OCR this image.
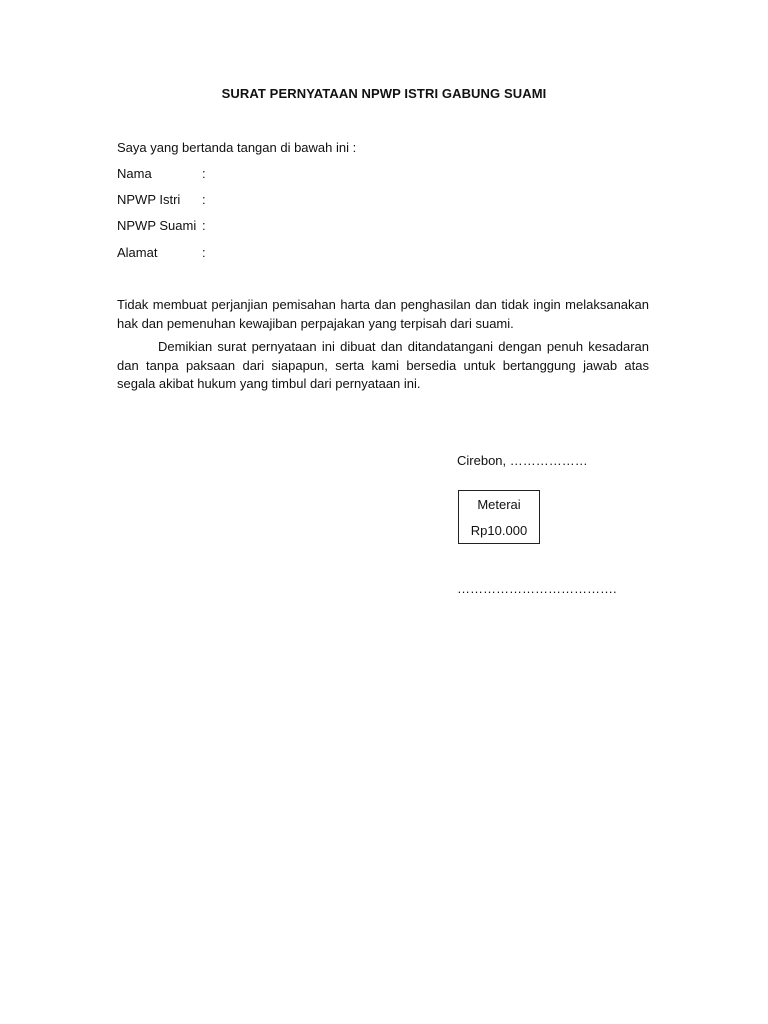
SURAT PERNYATAAN NPWP ISTRI GABUNG SUAMI
Saya yang bertanda tangan di bawah ini :
Nama	:
NPWP Istri :
NPWP Suami :
Alamat	:
Tidak membuat perjanjian pemisahan harta dan penghasilan dan tidak ingin melaksanakan hak dan pemenuhan kewajiban perpajakan yang terpisah dari suami.
Demikian surat pernyataan ini dibuat dan ditandatangani dengan penuh kesadaran dan tanpa paksaan dari siapapun, serta kami bersedia untuk bertanggung jawab atas segala akibat hukum yang timbul dari pernyataan ini.
Cirebon, ………………
Meterai
Rp10.000
……………………………….
